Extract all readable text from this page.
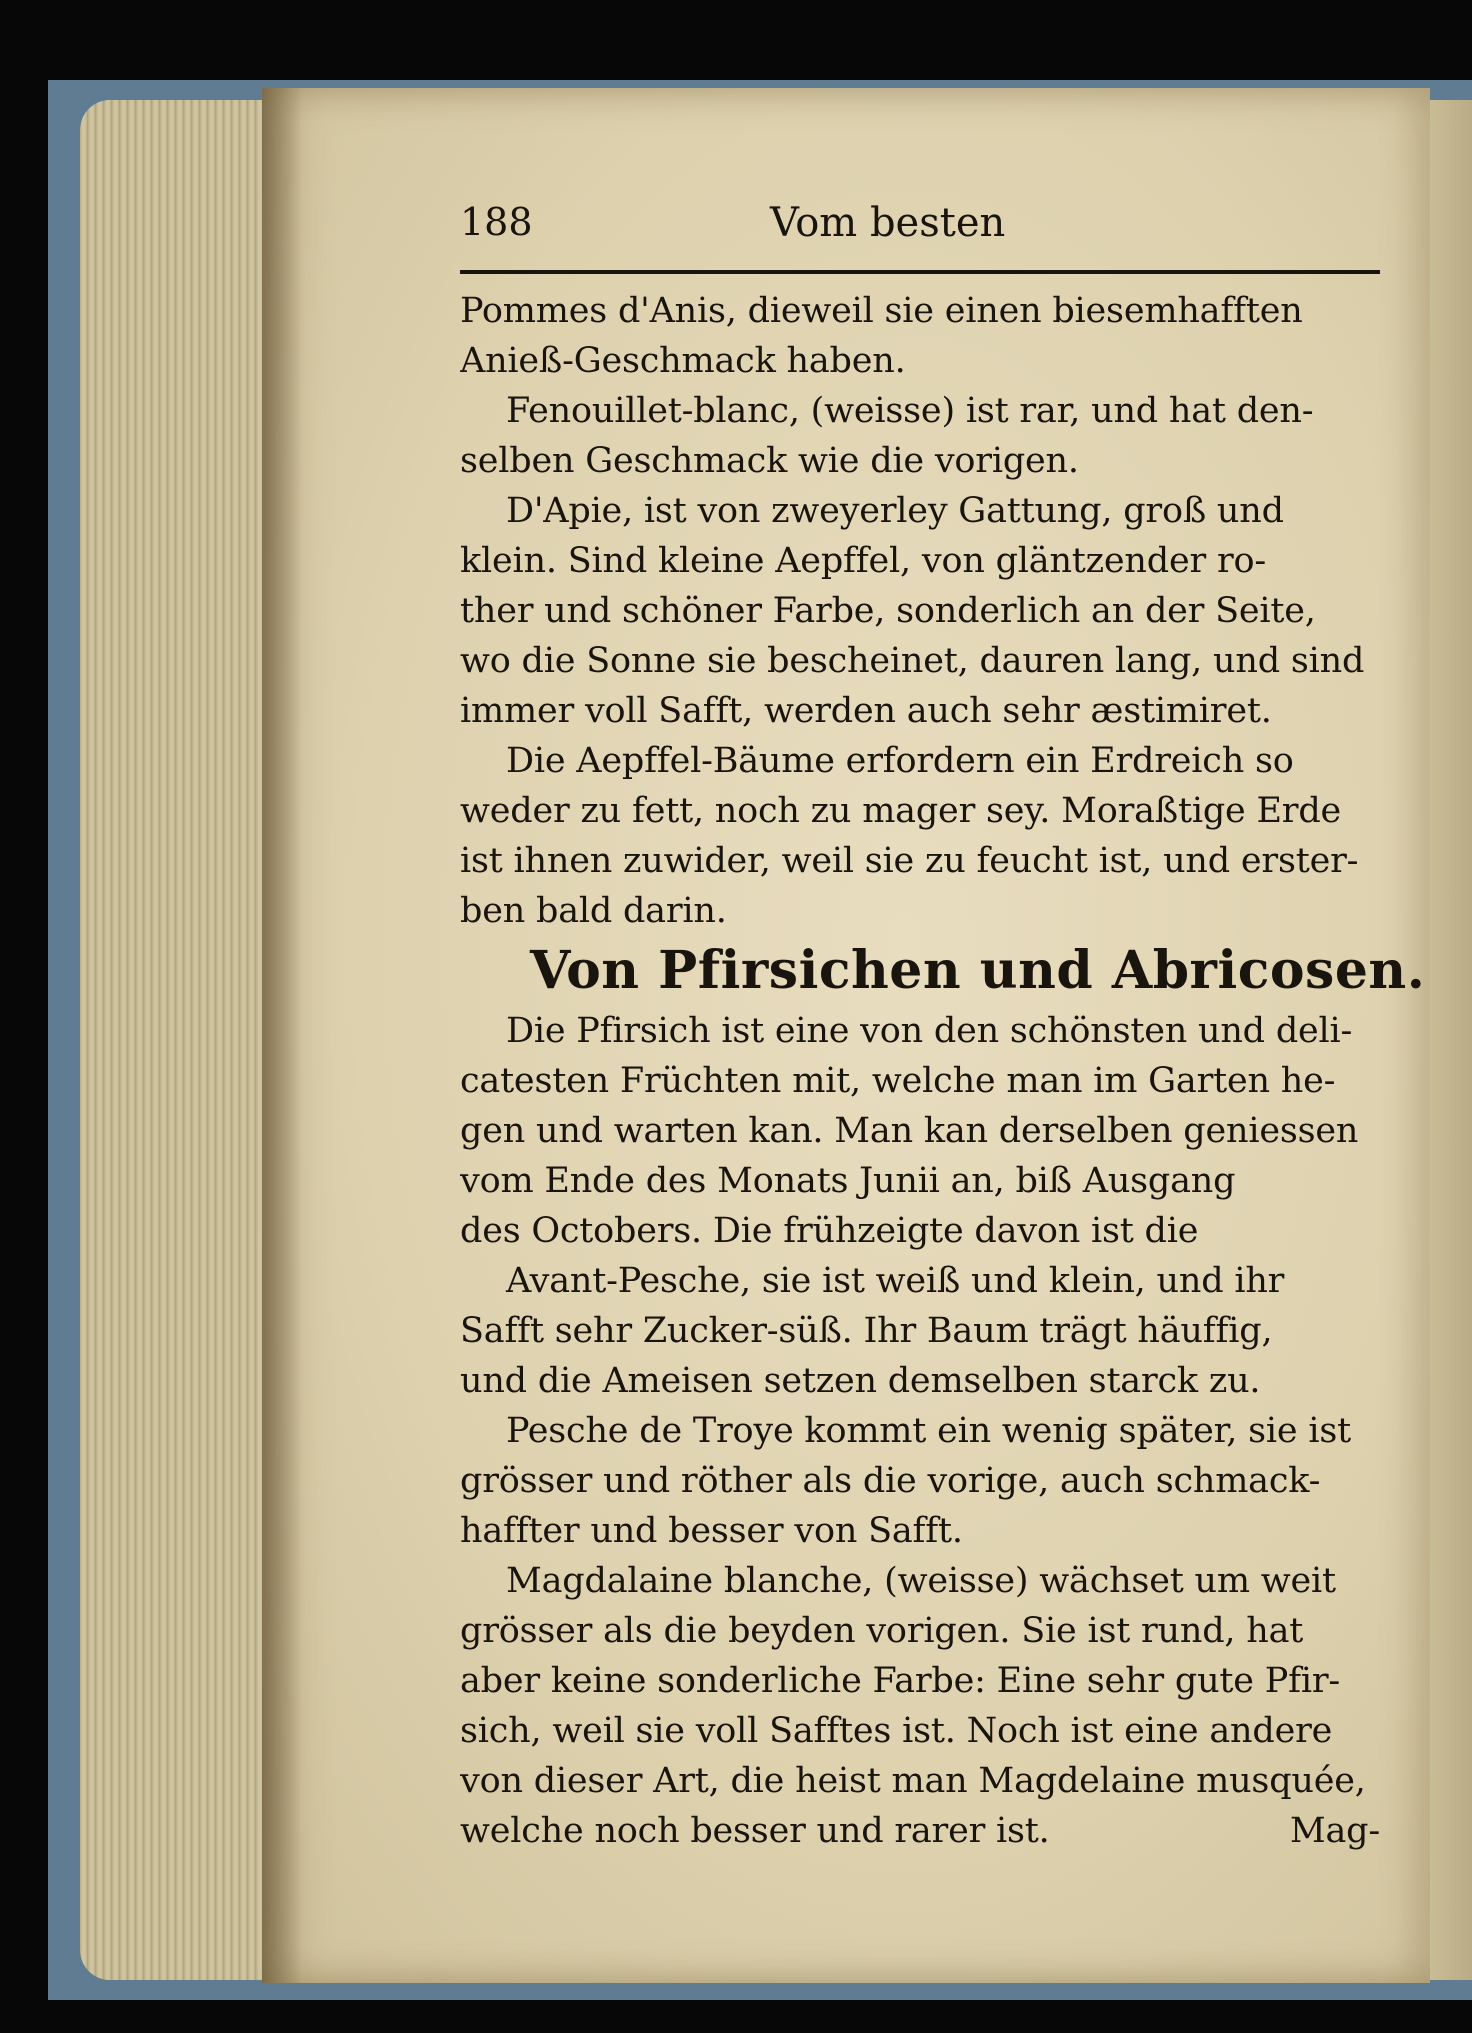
188	Vom besten
Pommes d'Anis, dieweil sie einen biesemhafften
Anieß-Geschmack haben.
Fenouillet-blanc, (weisse) ist rar, und hat den-
selben Geschmack wie die vorigen.
D'Apie, ist von zweyerley Gattung, groß und
klein. Sind kleine Aepffel, von gläntzender ro-
ther und schöner Farbe, sonderlich an der Seite,
wo die Sonne sie bescheinet, dauren lang, und sind
immer voll Safft, werden auch sehr æstimiret.
Die Aepffel-Bäume erfordern ein Erdreich so
weder zu fett, noch zu mager sey. Moraßtige Erde
ist ihnen zuwider, weil sie zu feucht ist, und erster-
ben bald darin.
Von Pfirsichen und Abricosen.
Die Pfirsich ist eine von den schönsten und deli-
catesten Früchten mit, welche man im Garten he-
gen und warten kan. Man kan derselben geniessen
vom Ende des Monats Junii an, biß Ausgang
des Octobers. Die frühzeigte davon ist die
Avant-Pesche, sie ist weiß und klein, und ihr
Safft sehr Zucker-süß. Ihr Baum trägt häuffig,
und die Ameisen setzen demselben starck zu.
Pesche de Troye kommt ein wenig später, sie ist
grösser und röther als die vorige, auch schmack-
haffter und besser von Safft.
Magdalaine blanche, (weisse) wächset um weit
grösser als die beyden vorigen. Sie ist rund, hat
aber keine sonderliche Farbe: Eine sehr gute Pfir-
sich, weil sie voll Safftes ist. Noch ist eine andere
von dieser Art, die heist man Magdelaine musquée,
welche noch besser und rarer ist.	Mag-
